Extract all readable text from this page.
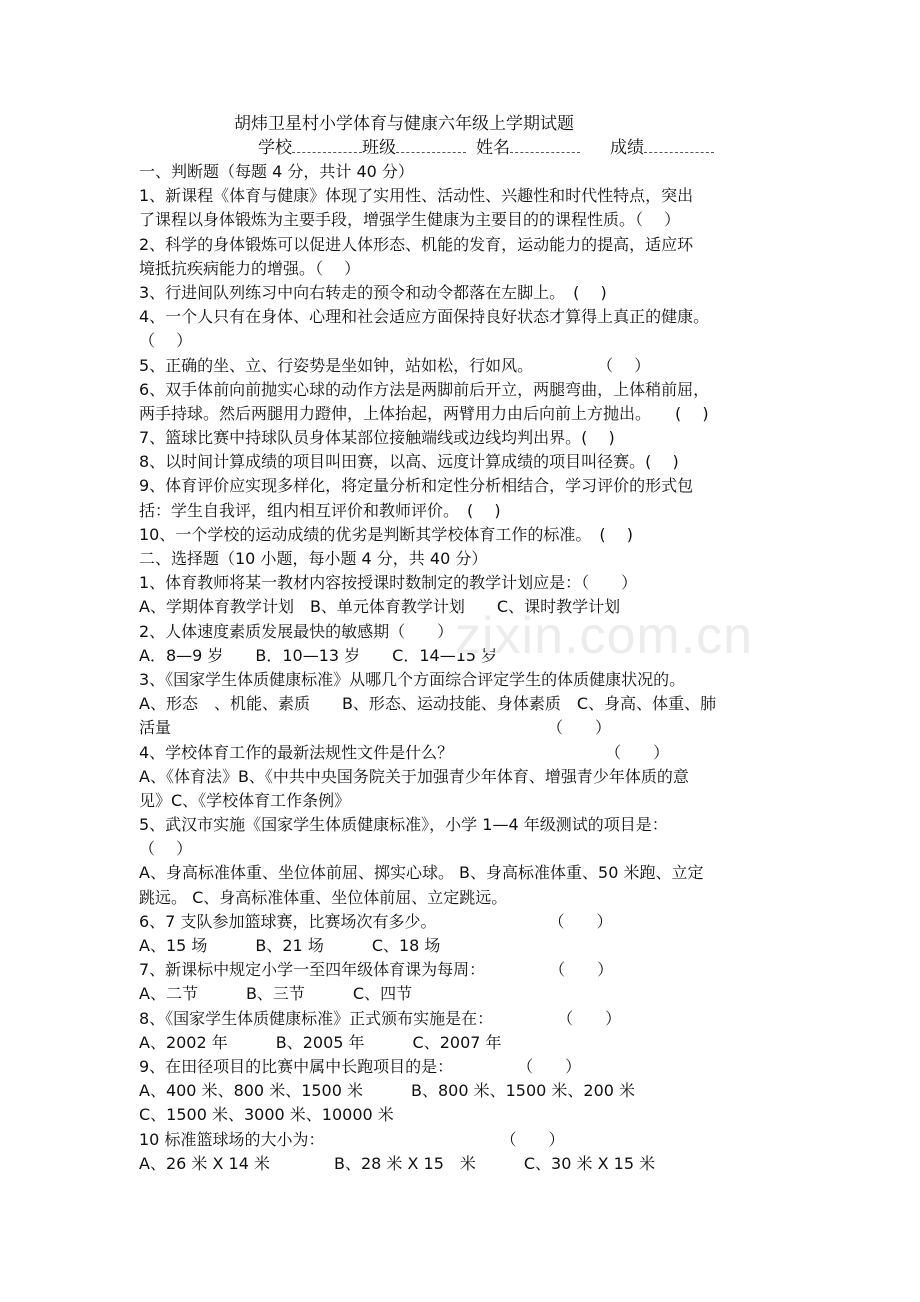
胡炜卫星村小学体育与健康六年级上学期试题
学校	班级	姓名	成绩
一、判断题（每题 4 分，共计 40 分）
1、新课程《体育与健康》体现了实用性、活动性、兴趣性和时代性特点，突出
了课程以身体锻炼为主要手段，增强学生健康为主要目的的课程性质。（　 ）
2、科学的身体锻炼可以促进人体形态、机能的发育，运动能力的提高，适应环
境抵抗疾病能力的增强。（　 ）
3、行进间队列练习中向右转走的预令和动令都落在左脚上。　(　 )
4、一个人只有在身体、心理和社会适应方面保持良好状态才算得上真正的健康。
（　 ）
5、正确的坐、立、行姿势是坐如钟，站如松，行如风。　　　　　（　 ）
6、双手体前向前抛实心球的动作方法是两脚前后开立，两腿弯曲，上体稍前屈，
两手持球。然后两腿用力蹬伸，上体抬起，两臂用力由后向前上方抛出。　　(　 )
7、篮球比赛中持球队员身体某部位接触端线或边线均判出界。(　 )
8、以时间计算成绩的项目叫田赛，以高、远度计算成绩的项目叫径赛。(　 )
9、体育评价应实现多样化，将定量分析和定性分析相结合，学习评价的形式包
括：学生自我评，组内相互评价和教师评价。　(　 )
10、一个学校的运动成绩的优劣是判断其学校体育工作的标准。　(　 )
二、选择题（10 小题，每小题 4 分，共 40 分）
1、体育教师将某一教材内容按授课时数制定的教学计划应是：（　　）
A、学期体育教学计划　B、单元体育教学计划　　C、课时教学计划
2、人体速度素质发展最快的敏感期（　　）
A．8—9 岁　　B．10—13 岁　　C．14—15 岁
3、《国家学生体质健康标准》从哪几个方面综合评定学生的体质健康状况的。
A、形态　、机能、素质　　B、形态、运动技能、身体素质　C、身高、体重、肺
活量　　　　　　　　　　　　　　　　　　　　　　　　（　　）
4、学校体育工作的最新法规性文件是什么？　　　　　　　　　　（　　）
A、《体育法》B、《中共中央国务院关于加强青少年体育、增强青少年体质的意
见》C、《学校体育工作条例》
5、武汉市实施《国家学生体质健康标准》，小学 1—4 年级测试的项目是：
（　 ）
A、身高标准体重、坐位体前屈、掷实心球。 B、身高标准体重、50 米跑、立定
跳远。 C、身高标准体重、坐位体前屈、立定跳远。
6、7 支队参加篮球赛，比赛场次有多少。　　　　　　　　（　　）
A、15 场　　　B、21 场　　　C、18 场
7、新课标中规定小学一至四年级体育课为每周：　　　　　（　　）
A、二节　　　B、三节　　　C、四节
8、《国家学生体质健康标准》正式颁布实施是在：　　　　　（　　）
A、2002 年　　　B、2005 年　　　C、2007 年
9、在田径项目的比赛中属中长跑项目的是：　　　　　（　　）
A、400 米、800 米、1500 米　　　B、800 米、1500 米、200 米
C、1500 米、3000 米、10000 米
10 标准篮球场的大小为：　　　　　　　　　　　　（　　）
A、26 米 X 14 米　　　　B、28 米 X 15　米　　　C、30 米 X 15 米
zixin.com.cn
